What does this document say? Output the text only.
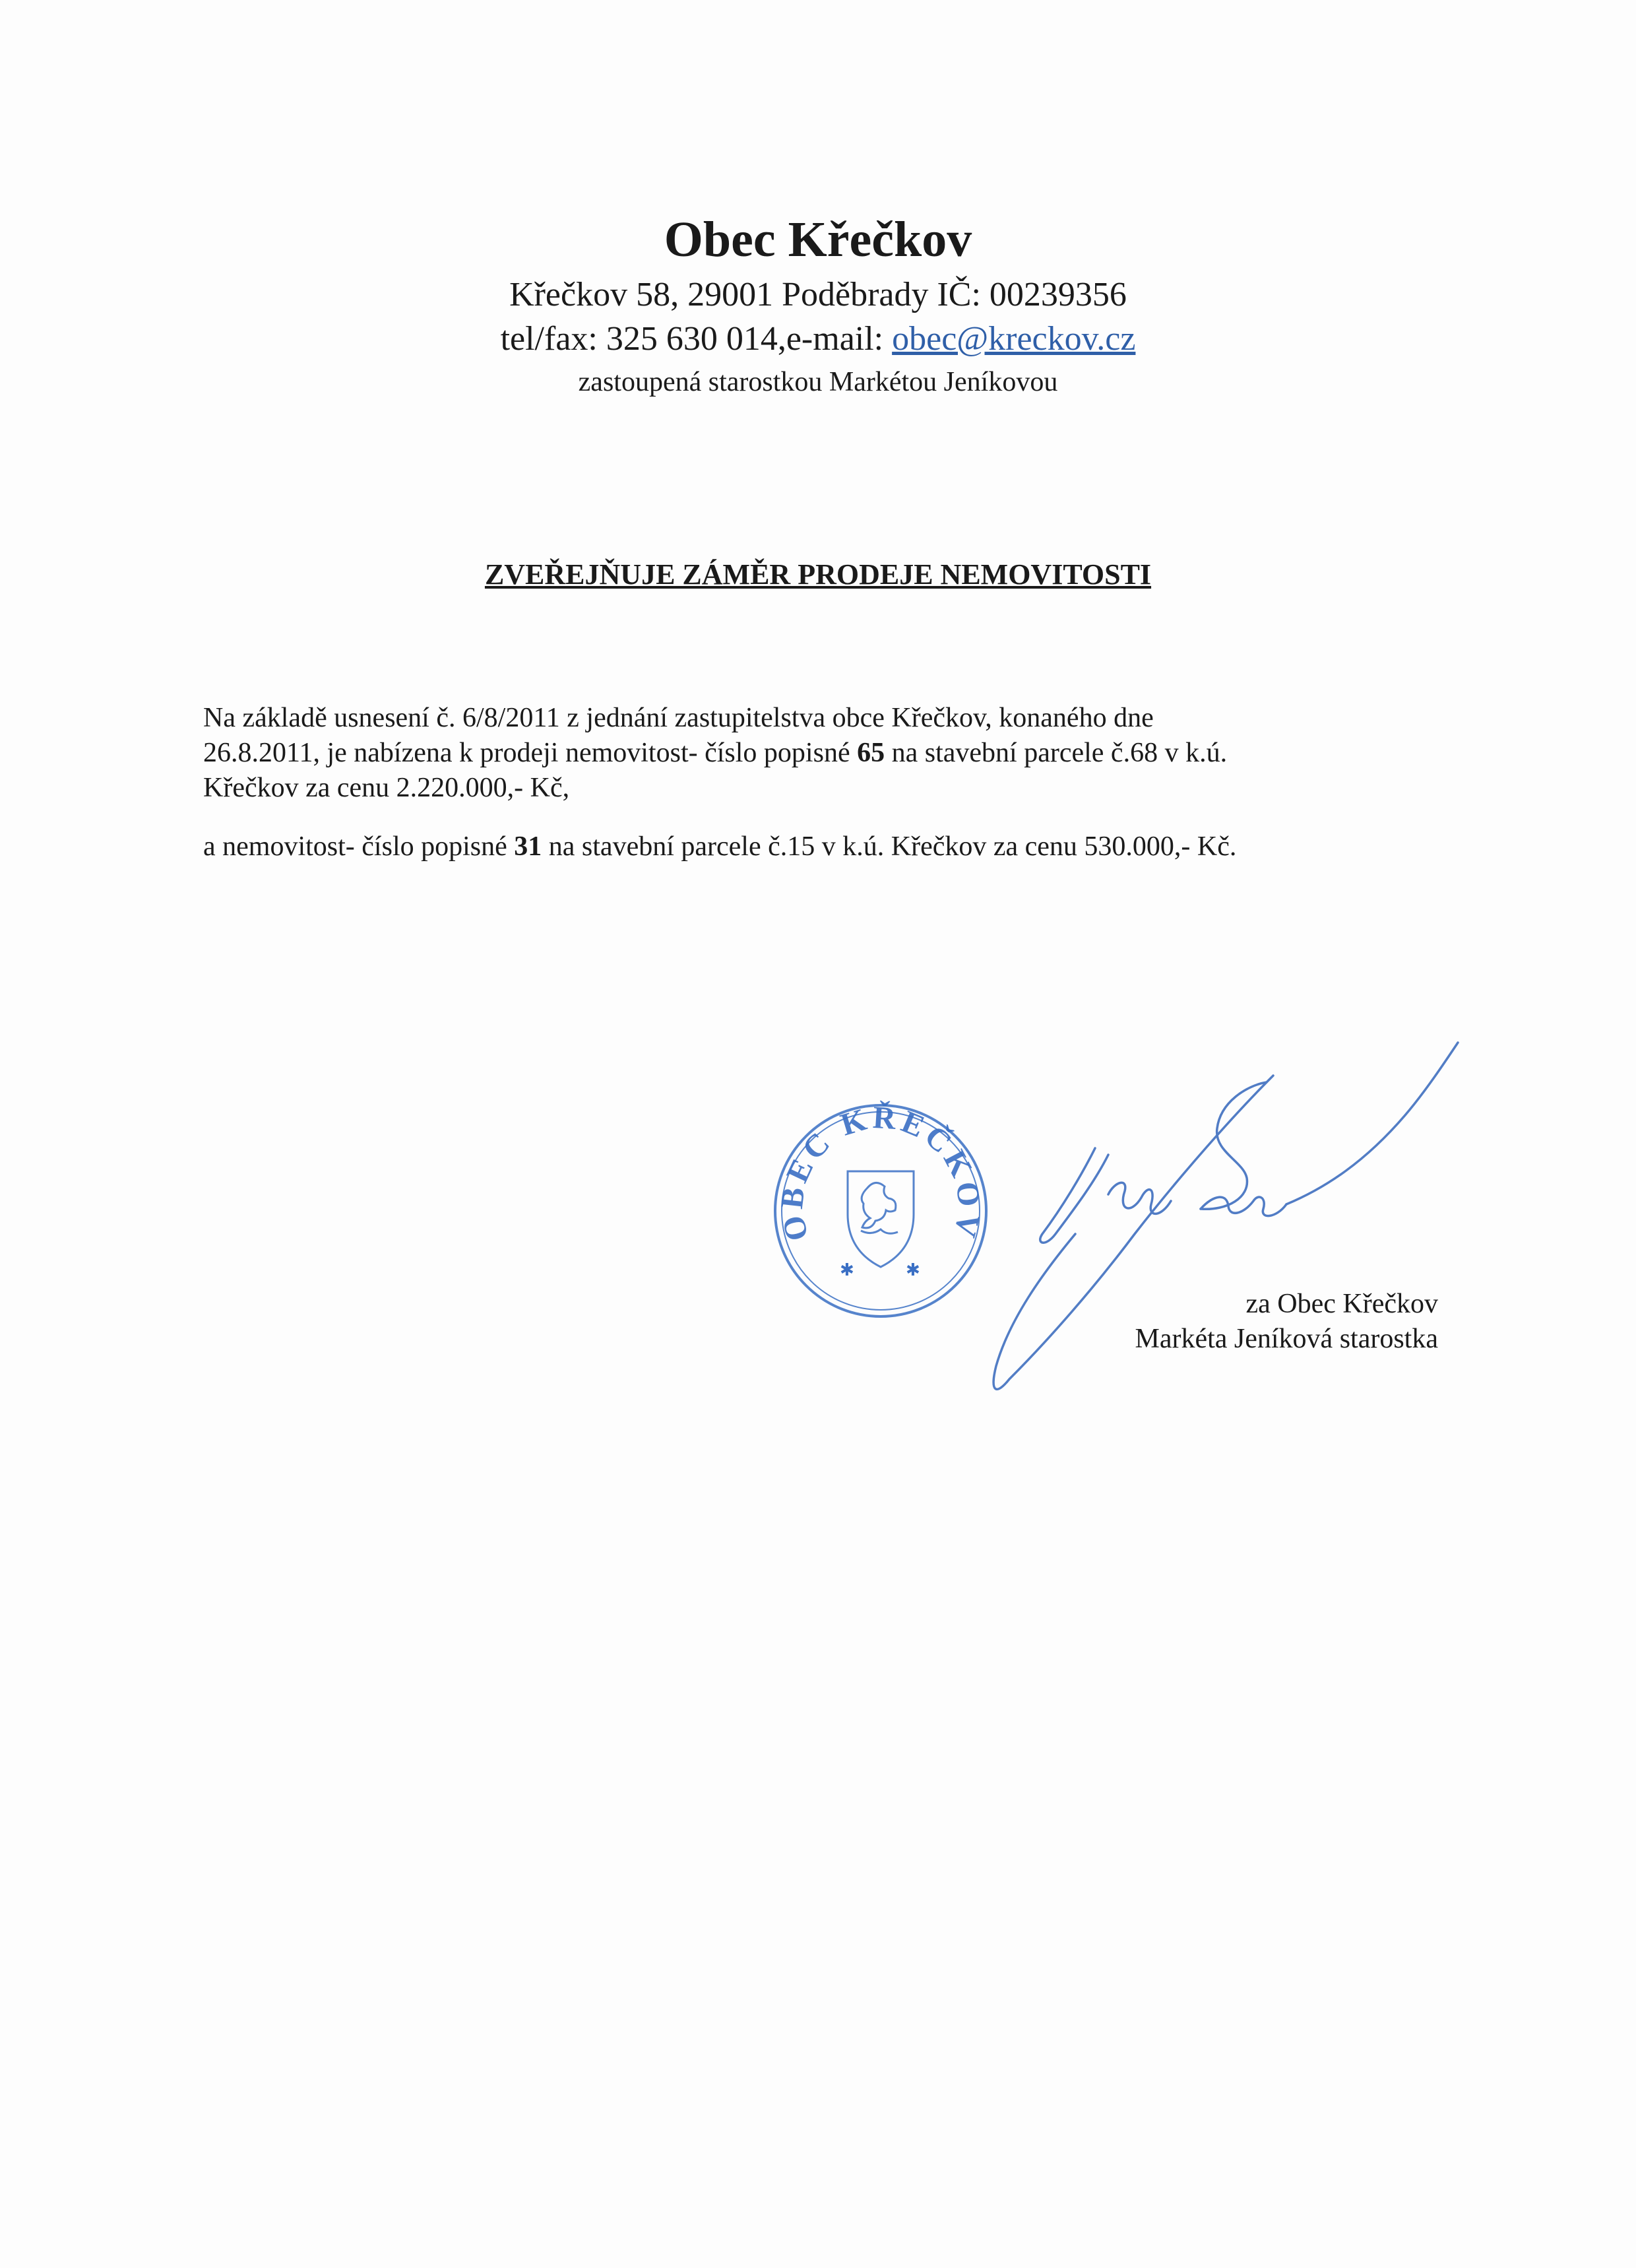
Obec Křečkov
Křečkov 58, 29001 Poděbrady IČ: 00239356
tel/fax: 325 630 014,e-mail: obec@kreckov.cz
zastoupená starostkou Markétou Jeníkovou
ZVEŘEJŇUJE ZÁMĚR PRODEJE NEMOVITOSTI
Na základě usnesení č. 6/8/2011 z jednání zastupitelstva obce Křečkov, konaného dne
26.8.2011, je nabízena k prodeji nemovitost- číslo popisné 65 na stavební parcele č.68 v k.ú.
Křečkov za cenu 2.220.000,- Kč,
a nemovitost- číslo popisné 31 na stavební parcele č.15 v k.ú. Křečkov za cenu 530.000,- Kč.
OBEC KŘEČKOV
✱	✱
za Obec Křečkov
Markéta Jeníková starostka
